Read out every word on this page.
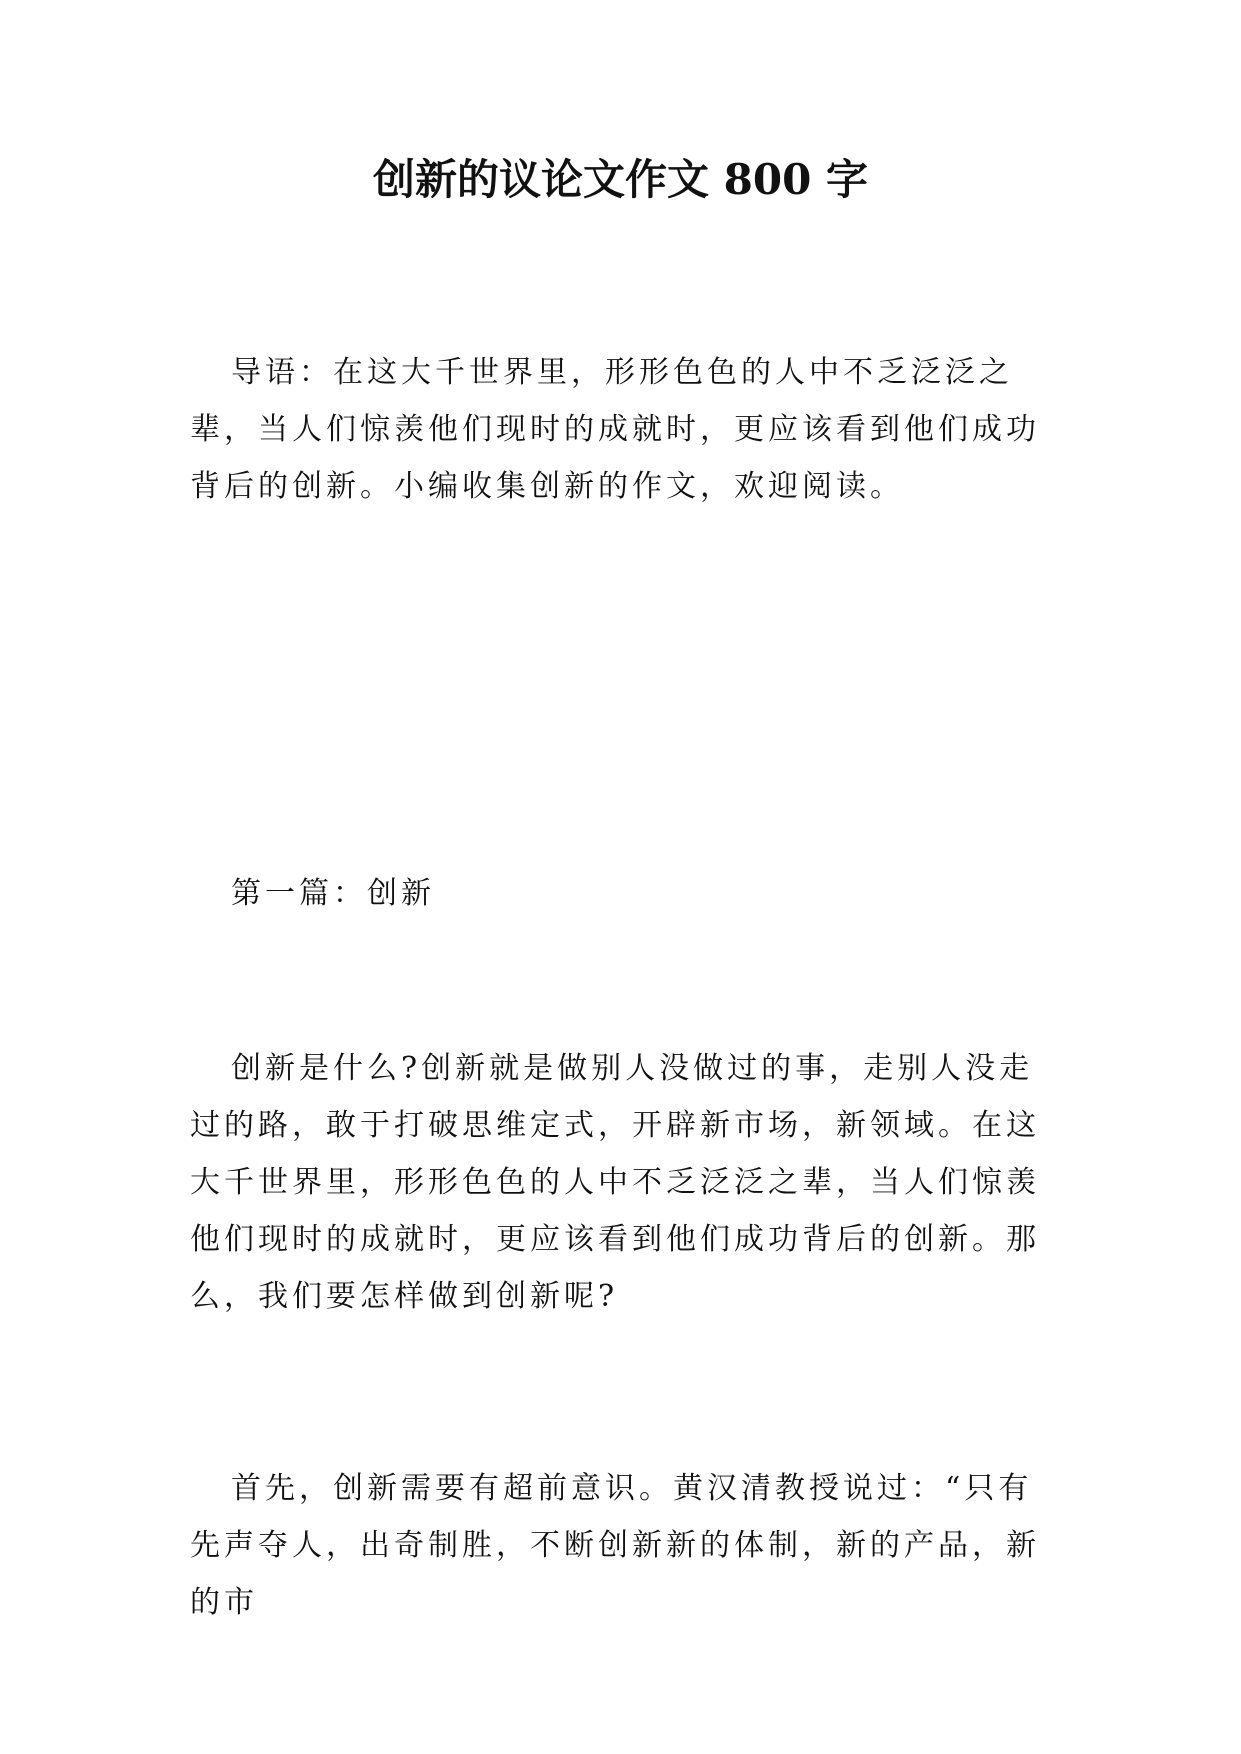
创新的议论文作文 800 字

导语：在这大千世界里，形形色色的人中不乏泛泛之辈，当人们惊羡他们现时的成就时，更应该看到他们成功背后的创新。小编收集创新的作文，欢迎阅读。

第一篇：创新

创新是什么?创新就是做别人没做过的事，走别人没走过的路，敢于打破思维定式，开辟新市场，新领域。在这大千世界里，形形色色的人中不乏泛泛之辈，当人们惊羡他们现时的成就时，更应该看到他们成功背后的创新。那么，我们要怎样做到创新呢?

首先，创新需要有超前意识。黄汉清教授说过：“只有先声夺人，出奇制胜，不断创新新的体制，新的产品，新的市
